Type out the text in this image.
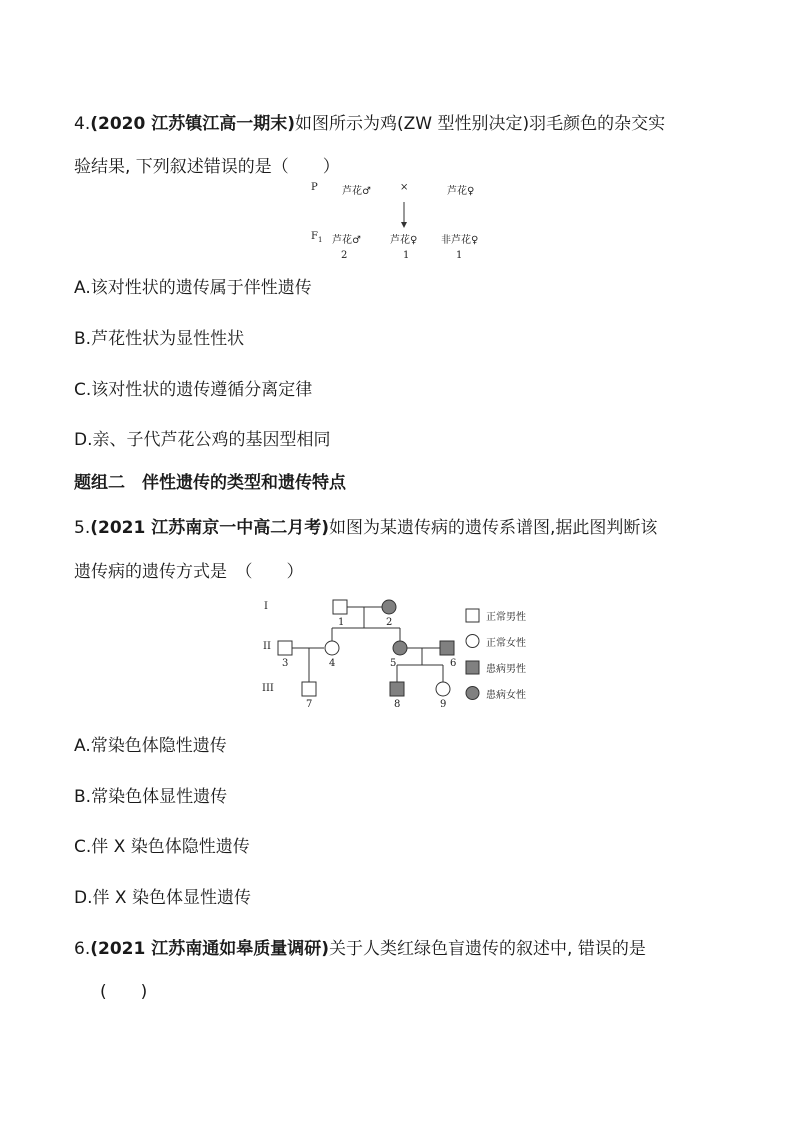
4.(2020 江苏镇江高一期末)如图所示为鸡(ZW 型性别决定)羽毛颜色的杂交实
验结果, 下列叙述错误的是（　　）
P 芦花♂	×	芦花♀
$F_1$ 芦花♂	芦花♀ 非芦花♀
2	1	1
A.该对性状的遗传属于伴性遗传
B.芦花性状为显性性状
C.该对性状的遗传遵循分离定律
D.亲、子代芦花公鸡的基因型相同
题组二　伴性遗传的类型和遗传特点
5.(2021 江苏南京一中高二月考)如图为某遗传病的遗传系谱图,据此图判断该
遗传病的遗传方式是　（　　）
I
II
III
1	2
3	4	5	6
7	8	9
正常男性
正常女性
患病男性
患病女性
A.常染色体隐性遗传
B.常染色体显性遗传
C.伴 X 染色体隐性遗传
D.伴 X 染色体显性遗传
6.(2021 江苏南通如皋质量调研)关于人类红绿色盲遗传的叙述中, 错误的是
(　　)
